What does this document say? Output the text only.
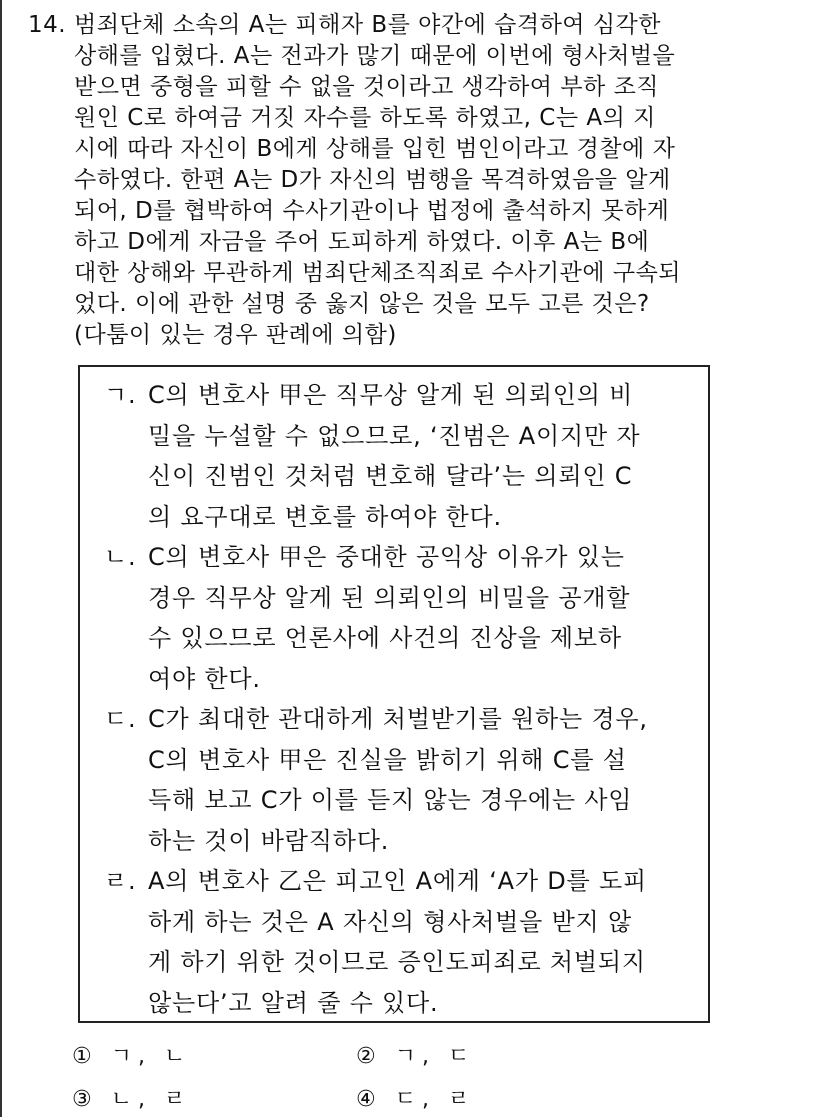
14. 범죄단체 소속의 A는 피해자 B를 야간에 습격하여 심각한
상해를 입혔다. A는 전과가 많기 때문에 이번에 형사처벌을
받으면 중형을 피할 수 없을 것이라고 생각하여 부하 조직
원인 C로 하여금 거짓 자수를 하도록 하였고, C는 A의 지
시에 따라 자신이 B에게 상해를 입힌 범인이라고 경찰에 자
수하였다. 한편 A는 D가 자신의 범행을 목격하였음을 알게
되어, D를 협박하여 수사기관이나 법정에 출석하지 못하게
하고 D에게 자금을 주어 도피하게 하였다. 이후 A는 B에
대한 상해와 무관하게 범죄단체조직죄로 수사기관에 구속되
었다. 이에 관한 설명 중 옳지 않은 것을 모두 고른 것은?
(다툼이 있는 경우 판례에 의함)
ㄱ. C의 변호사 甲은 직무상 알게 된 의뢰인의 비
밀을 누설할 수 없으므로, ‘진범은 A이지만 자
신이 진범인 것처럼 변호해 달라’는 의뢰인 C
의 요구대로 변호를 하여야 한다.
ㄴ. C의 변호사 甲은 중대한 공익상 이유가 있는
경우 직무상 알게 된 의뢰인의 비밀을 공개할
수 있으므로 언론사에 사건의 진상을 제보하
여야 한다.
ㄷ. C가 최대한 관대하게 처벌받기를 원하는 경우,
C의 변호사 甲은 진실을 밝히기 위해 C를 설
득해 보고 C가 이를 듣지 않는 경우에는 사임
하는 것이 바람직하다.
ㄹ. A의 변호사 乙은 피고인 A에게 ‘A가 D를 도피
하게 하는 것은 A 자신의 형사처벌을 받지 않
게 하기 위한 것이므로 증인도피죄로 처벌되지
않는다’고 알려 줄 수 있다.
① ㄱ, ㄴ	② ㄱ, ㄷ
③ ㄴ, ㄹ	④ ㄷ, ㄹ
